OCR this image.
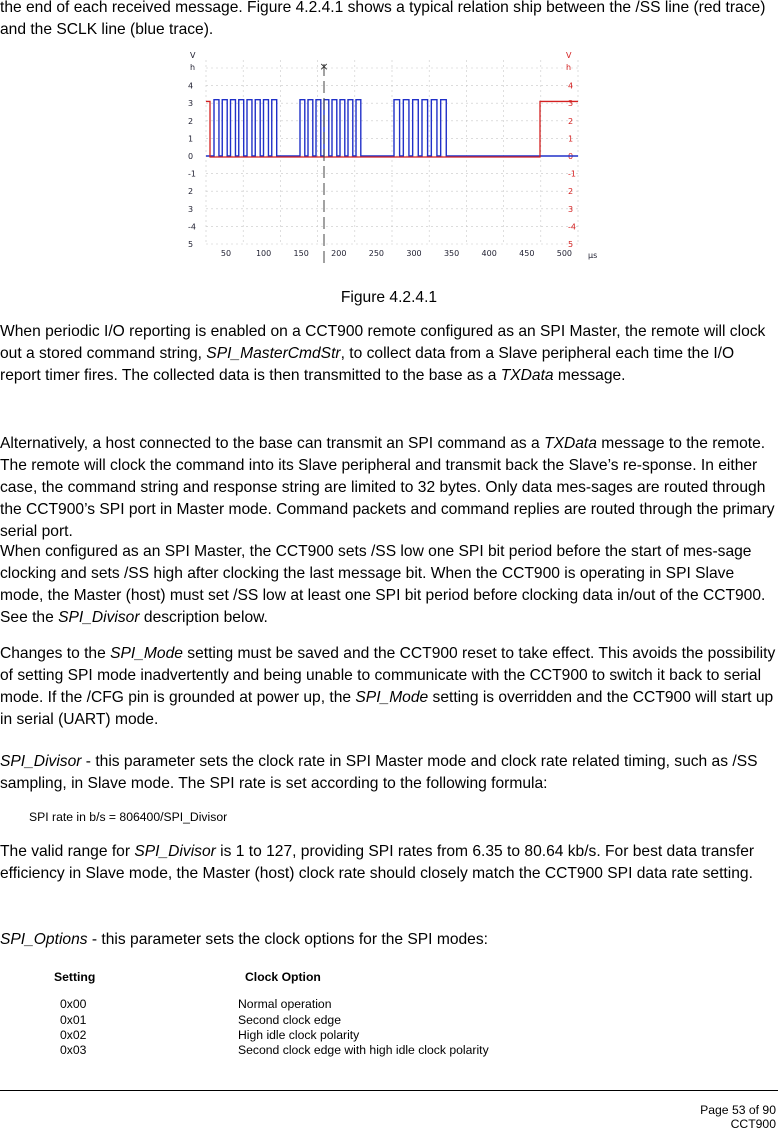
the end of each received message. Figure 4.2.4.1 shows a typical relation ship between the /SS line (red trace) and the SCLK line (blue trace).

V
h
V
h
4
3
2
1
0
-1
2
3
-4
5
4
3
2
1
0
-1
2
3
-4
5
50	100	150	200	250	300	350	400	450	500 µs
×
Figure 4.2.4.1

When periodic I/O reporting is enabled on a CCT900 remote configured as an SPI Master, the remote will clock out a stored command string, SPI_MasterCmdStr, to collect data from a Slave peripheral each time the I/O report timer fires. The collected data is then transmitted to the base as a TXData message.

Alternatively, a host connected to the base can transmit an SPI command as a TXData message to the remote. The remote will clock the command into its Slave peripheral and transmit back the Slave’s re-sponse. In either case, the command string and response string are limited to 32 bytes. Only data mes-sages are routed through the CCT900’s SPI port in Master mode. Command packets and command replies are routed through the primary serial port.

When configured as an SPI Master, the CCT900 sets /SS low one SPI bit period before the start of mes-sage clocking and sets /SS high after clocking the last message bit. When the CCT900 is operating in SPI Slave mode, the Master (host) must set /SS low at least one SPI bit period before clocking data in/out of the CCT900. See the SPI_Divisor description below.

Changes to the SPI_Mode setting must be saved and the CCT900 reset to take effect. This avoids the possibility of setting SPI mode inadvertently and being unable to communicate with the CCT900 to switch it back to serial mode. If the /CFG pin is grounded at power up, the SPI_Mode setting is overridden and the CCT900 will start up in serial (UART) mode.

SPI_Divisor - this parameter sets the clock rate in SPI Master mode and clock rate related timing, such as /SS sampling, in Slave mode. The SPI rate is set according to the following formula:

SPI rate in b/s = 806400/SPI_Divisor

The valid range for SPI_Divisor is 1 to 127, providing SPI rates from 6.35 to 80.64 kb/s. For best data transfer efficiency in Slave mode, the Master (host) clock rate should closely match the CCT900 SPI data rate setting.

SPI_Options - this parameter sets the clock options for the SPI modes:

Setting	Clock Option
0x00	Normal operation
0x01	Second clock edge
0x02	High idle clock polarity
0x03	Second clock edge with high idle clock polarity
Page 53 of 90
CCT900
